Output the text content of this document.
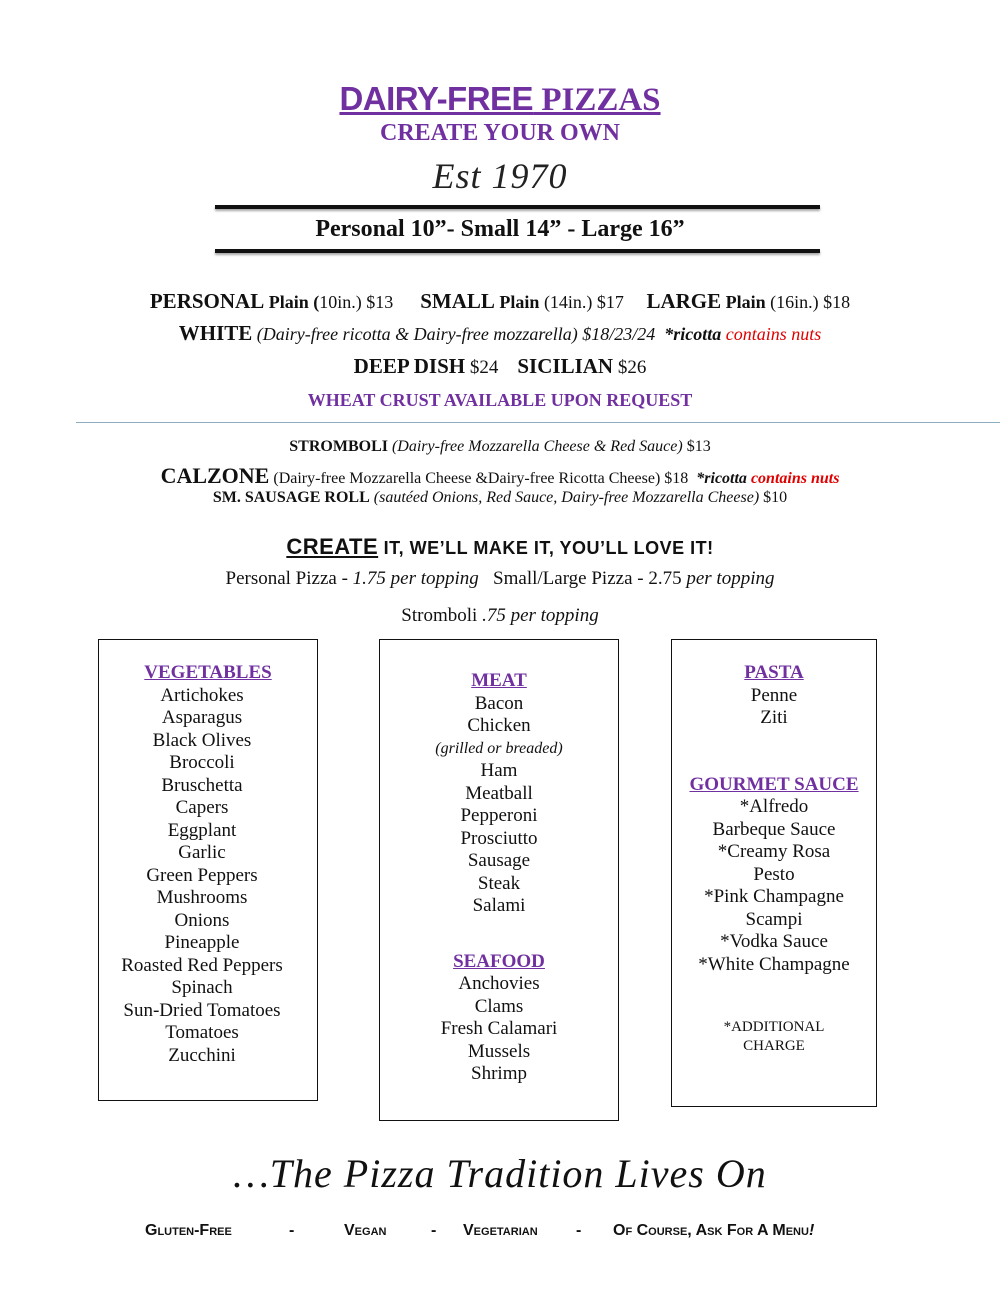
DAIRY-FREE PIZZAS
CREATE YOUR OWN
Est 1970
Personal 10”- Small 14” - Large 16”
PERSONAL Plain (10in.) $13 SMALL Plain (14in.) $17 LARGE Plain (16in.) $18
WHITE (Dairy-free ricotta & Dairy-free mozzarella) $18/23/24 *ricotta contains nuts
DEEP DISH $24 SICILIAN $26
WHEAT CRUST AVAILABLE UPON REQUEST
STROMBOLI (Dairy-free Mozzarella Cheese & Red Sauce) $13
CALZONE (Dairy-free Mozzarella Cheese &Dairy-free Ricotta Cheese) $18 *ricotta contains nuts
SM. SAUSAGE ROLL (sautéed Onions, Red Sauce, Dairy-free Mozzarella Cheese) $10
CREATE IT, WE’LL MAKE IT, YOU’LL LOVE IT!
Personal Pizza - 1.75 per topping Small/Large Pizza - 2.75 per topping
Stromboli .75 per topping
VEGETABLES
Artichokes
Asparagus
Black Olives
Broccoli
Bruschetta
Capers
Eggplant
Garlic
Green Peppers
Mushrooms
Onions
Pineapple
Roasted Red Peppers
Spinach
Sun-Dried Tomatoes
Tomatoes
Zucchini
MEAT
Bacon
Chicken
(grilled or breaded)
Ham
Meatball
Pepperoni
Prosciutto
Sausage
Steak
Salami
SEAFOOD
Anchovies
Clams
Fresh Calamari
Mussels
Shrimp
PASTA
Penne
Ziti
GOURMET SAUCE
*Alfredo
Barbeque Sauce
*Creamy Rosa
Pesto
*Pink Champagne
Scampi
*Vodka Sauce
*White Champagne
*ADDITIONAL
CHARGE
…The Pizza Tradition Lives On
Gluten-Free	-	Vegan	- Vegetarian - Of Course, Ask For A Menu!
